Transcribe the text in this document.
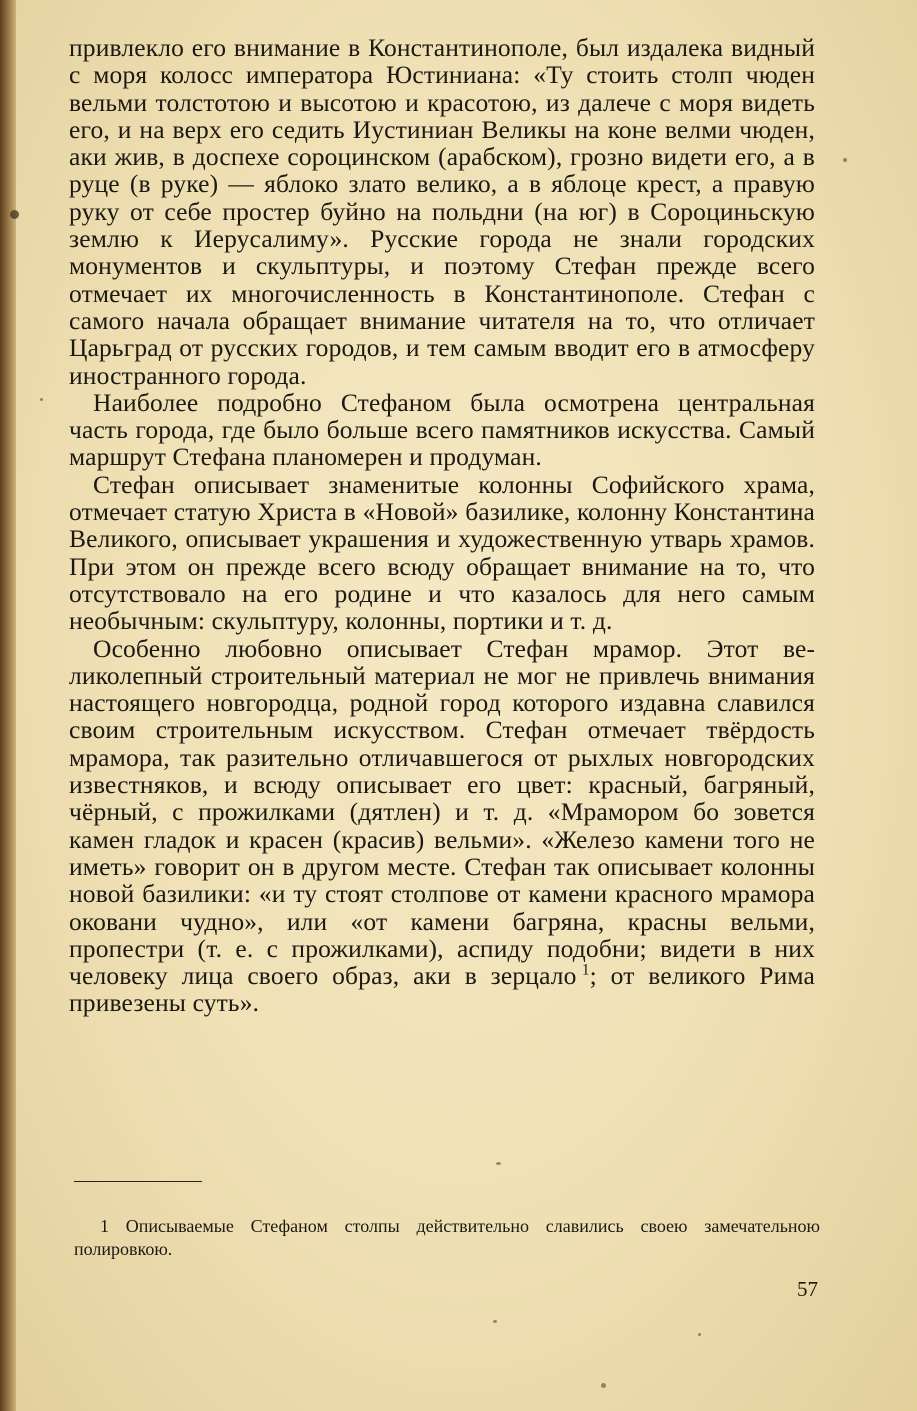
привлекло его внимание в Константинополе, был издалека видный с моря колосс императора Юстиниана: «Ту стоить столп чюден вельми толстотою и высотою и красотою, из далече с моря видеть его, и на верх его седить Иустиниан Великы на коне велми чюден, аки жив, в доспехе сороцинском (арабском), грозно видети его, а в руце (в руке) — яблоко злато велико, а в яблоце крест, а правую руку от себе простер буйно на польдни (на юг) в Сороциньскую землю к Иерусалиму». Русские города не знали городских монументов и скульптуры, и поэтому Стефан прежде всего отмечает их многочисленность в Константинополе. Стефан с самого начала обращает внимание читателя на то, что отличает Царьград от русских городов, и тем самым вводит его в атмосферу иностранного города.

Наиболее подробно Стефаном была осмотрена центральная часть города, где было больше всего памятников искусства. Самый маршрут Стефана планомерен и продуман.

Стефан описывает знаменитые колонны Софийского храма, отмечает статую Христа в «Новой» базилике, колонну Константина Великого, описывает украшения и художественную утварь храмов. При этом он прежде всего всюду обращает внимание на то, что отсутствовало на его родине и что казалось для него самым необычным: скульптуру, колонны, портики и т. д.

Особенно любовно описывает Стефан мрамор. Этот великолепный строительный материал не мог не привлечь внимания настоящего новгородца, родной город которого издавна славился своим строительным искусством. Стефан отмечает твёрдость мрамора, так разительно отличавшегося от рыхлых новгородских известняков, и всюду описывает его цвет: красный, багряный, чёрный, с прожилками (дятлен) и т. д. «Мрамором бо зовется камен гладок и красен (красив) вельми». «Железо камени того не иметь» говорит он в другом месте. Стефан так описывает колонны новой базилики: «и ту стоят столпове от камени красного мрамора оковани чудно», или «от камени багряна, красны вельми, пропестри (т. е. с прожилками), аспиду подобни; видети в них человеку лица своего образ, аки в зерцало  $^1$; от великого Рима привезены суть».

1 Описываемые Стефаном столпы действительно славились своею замечательною полировкою.
57
